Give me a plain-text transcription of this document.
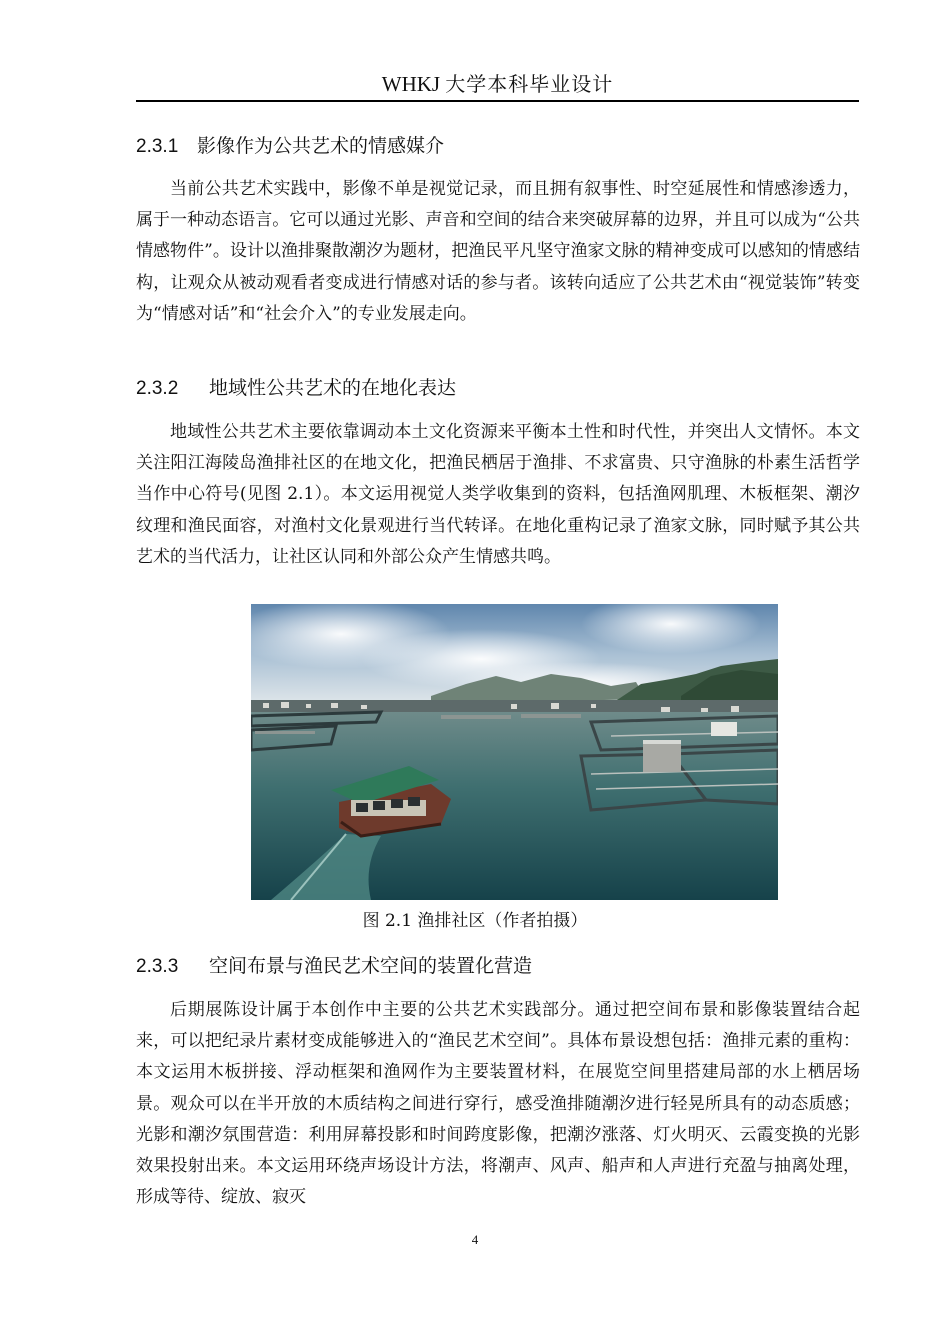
WHKJ 大学本科毕业设计
2.3.1 影像作为公共艺术的情感媒介

当前公共艺术实践中，影像不单是视觉记录，而且拥有叙事性、时空延展性和情感渗透力，属于一种动态语言。它可以通过光影、声音和空间的结合来突破屏幕的边界，并且可以成为“公共情感物件”。设计以渔排聚散潮汐为题材，把渔民平凡坚守渔家文脉的精神变成可以感知的情感结构，让观众从被动观看者变成进行情感对话的参与者。该转向适应了公共艺术由“视觉装饰”转变为“情感对话”和“社会介入”的专业发展走向。

2.3.2 地域性公共艺术的在地化表达

地域性公共艺术主要依靠调动本土文化资源来平衡本土性和时代性，并突出人文情怀。本文关注阳江海陵岛渔排社区的在地文化，把渔民栖居于渔排、不求富贵、只守渔脉的朴素生活哲学当作中心符号(见图 2.1）。本文运用视觉人类学收集到的资料，包括渔网肌理、木板框架、潮汐纹理和渔民面容，对渔村文化景观进行当代转译。在地化重构记录了渔家文脉，同时赋予其公共艺术的当代活力，让社区认同和外部公众产生情感共鸣。

图 2.1 渔排社区（作者拍摄）
2.3.3 空间布景与渔民艺术空间的装置化营造

后期展陈设计属于本创作中主要的公共艺术实践部分。通过把空间布景和影像装置结合起来，可以把纪录片素材变成能够进入的“渔民艺术空间”。具体布景设想包括：渔排元素的重构：本文运用木板拼接、浮动框架和渔网作为主要装置材料，在展览空间里搭建局部的水上栖居场景。观众可以在半开放的木质结构之间进行穿行，感受渔排随潮汐进行轻晃所具有的动态质感；光影和潮汐氛围营造：利用屏幕投影和时间跨度影像，把潮汐涨落、灯火明灭、云霞变换的光影效果投射出来。本文运用环绕声场设计方法，将潮声、风声、船声和人声进行充盈与抽离处理，形成等待、绽放、寂灭

4
